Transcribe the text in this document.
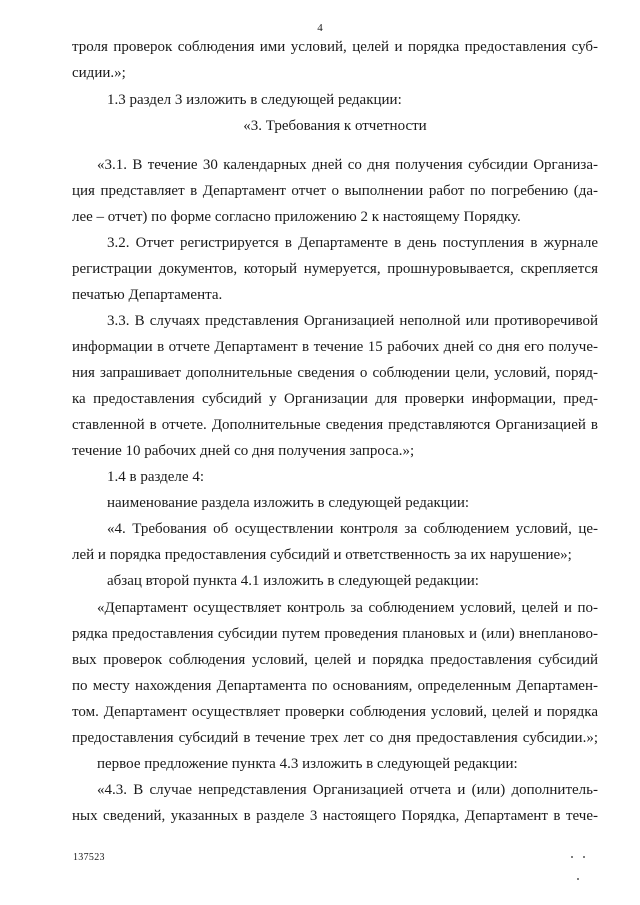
4
троля проверок соблюдения ими условий, целей и порядка предоставления суб-
сидии.»;
1.3 раздел 3 изложить в следующей редакции:
«3. Требования к отчетности
«3.1. В течение 30 календарных дней со дня получения субсидии Организа-
ция представляет в Департамент отчет о выполнении работ по погребению (да-
лее – отчет) по форме согласно приложению 2 к настоящему Порядку.
3.2. Отчет регистрируется в Департаменте в день поступления в журнале
регистрации документов, который нумеруется, прошнуровывается, скрепляется
печатью Департамента.
3.3. В случаях представления Организацией неполной или противоречивой
информации в отчете Департамент в течение 15 рабочих дней со дня его получе-
ния запрашивает дополнительные сведения о соблюдении цели, условий, поряд-
ка предоставления субсидий у Организации для проверки информации, пред-
ставленной в отчете. Дополнительные сведения представляются Организацией в
течение 10 рабочих дней со дня получения запроса.»;
1.4 в разделе 4:
наименование раздела изложить в следующей редакции:
«4. Требования об осуществлении контроля за соблюдением условий, це-
лей и порядка предоставления субсидий и ответственность за их нарушение»;
абзац второй пункта 4.1 изложить в следующей редакции:
«Департамент осуществляет контроль за соблюдением условий, целей и по-
рядка предоставления субсидии путем проведения плановых и (или) внепланово-
вых проверок соблюдения условий, целей и порядка предоставления субсидий
по месту нахождения Департамента по основаниям, определенным Департамен-
том. Департамент осуществляет проверки соблюдения условий, целей и порядка
предоставления субсидий в течение трех лет со дня предоставления субсидии.»;
первое предложение пункта 4.3 изложить в следующей редакции:
«4.3. В случае непредставления Организацией отчета и (или) дополнитель-
ных сведений, указанных в разделе 3 настоящего Порядка, Департамент в тече-
137523
